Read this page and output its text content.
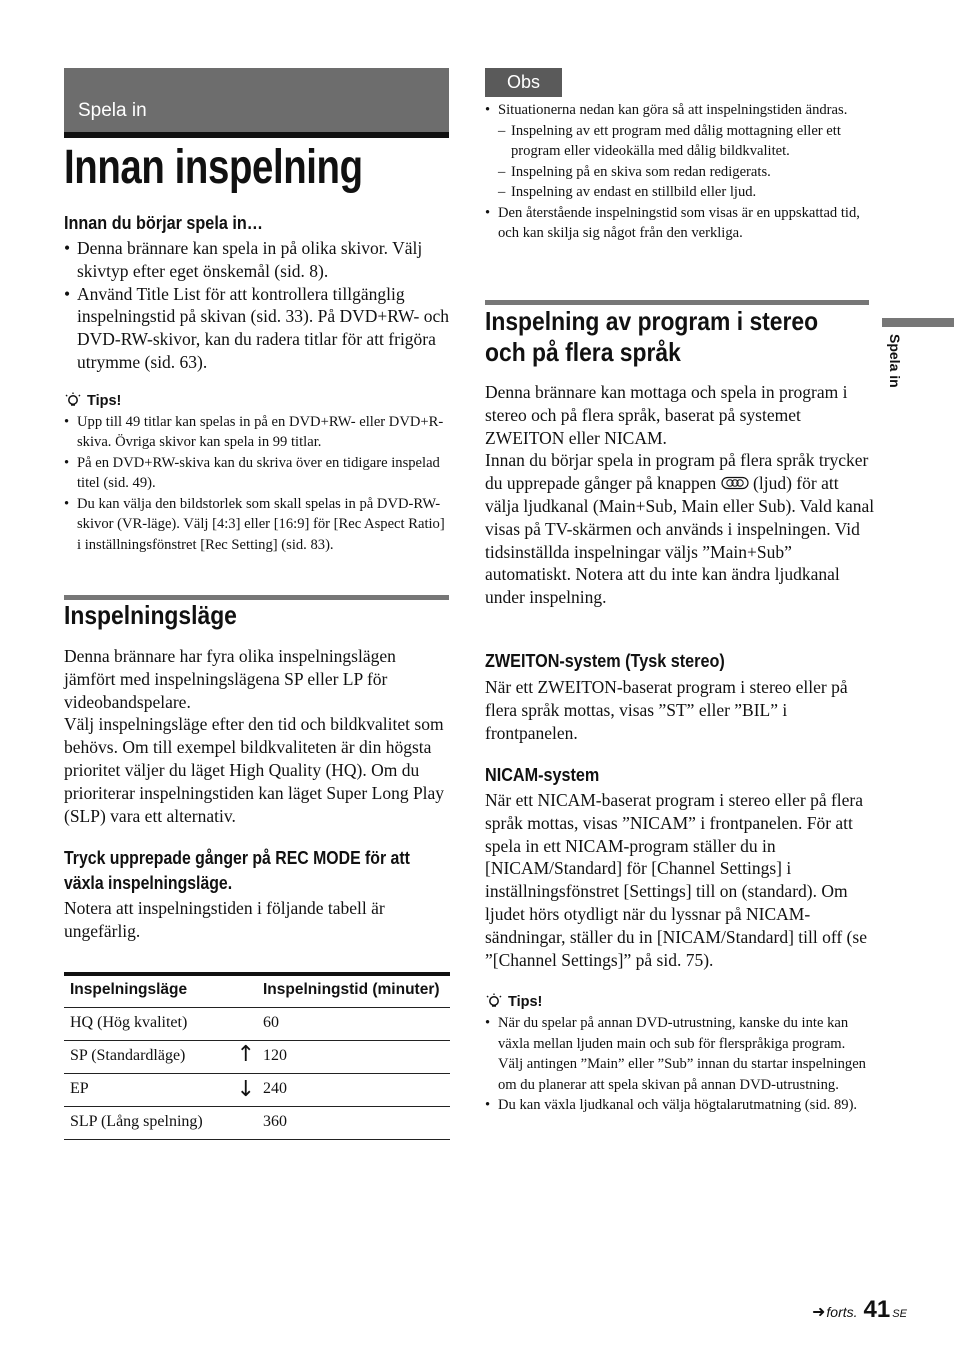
Spela in
Innan inspelning
Innan du börjar spela in…
• Denna brännare kan spela in på olika skivor. Välj skivtyp efter eget önskemål (sid. 8).
• Använd Title List för att kontrollera tillgänglig inspelningstid på skivan (sid. 33). På DVD+RW- och DVD-RW-skivor, kan du radera titlar för att frigöra utrymme (sid. 63).
Tips!
• Upp till 49 titlar kan spelas in på en DVD+RW- eller DVD+R-skiva. Övriga skivor kan spela in 99 titlar.
• På en DVD+RW-skiva kan du skriva över en tidigare inspelad titel (sid. 49).
• Du kan välja den bildstorlek som skall spelas in på DVD-RW-skivor (VR-läge). Välj [4:3] eller [16:9] för [Rec Aspect Ratio] i inställningsfönstret [Rec Setting] (sid. 83).
Inspelningsläge
Denna brännare har fyra olika inspelningslägen jämfört med inspelningslägena SP eller LP för videobandspelare.
Välj inspelningsläge efter den tid och bildkvalitet som behövs. Om till exempel bildkvaliteten är din högsta prioritet väljer du läget High Quality (HQ). Om du prioriterar inspelningstiden kan läget Super Long Play (SLP) vara ett alternativ.
Tryck upprepade gånger på REC MODE för att växla inspelningsläge.
Notera att inspelningstiden i följande tabell är ungefärlig.
Inspelningsläge	Inspelningstid (minuter)
HQ (Hög kvalitet)	60
SP (Standardläge) ↑	120
EP ↓	240
SLP (Lång spelning)	360
Obs
• Situationerna nedan kan göra så att inspelningstiden ändras.
– Inspelning av ett program med dålig mottagning eller ett program eller videokälla med dålig bildkvalitet.
– Inspelning på en skiva som redan redigerats.
– Inspelning av endast en stillbild eller ljud.
• Den återstående inspelningstid som visas är en uppskattad tid, och kan skilja sig något från den verkliga.
Inspelning av program i stereo och på flera språk
Denna brännare kan mottaga och spela in program i stereo och på flera språk, baserat på systemet ZWEITON eller NICAM.
Innan du börjar spela in program på flera språk trycker du upprepade gånger på knappen (ljud) för att välja ljudkanal (Main+Sub, Main eller Sub). Vald kanal visas på TV-skärmen och används i inspelningen. Vid tidsinställda inspelningar väljs ”Main+Sub” automatiskt. Notera att du inte kan ändra ljudkanal under inspelning.
ZWEITON-system (Tysk stereo)
När ett ZWEITON-baserat program i stereo eller på flera språk mottas, visas ”ST” eller ”BIL” i frontpanelen.
NICAM-system
När ett NICAM-baserat program i stereo eller på flera språk mottas, visas ”NICAM” i frontpanelen. För att spela in ett NICAM-program ställer du in [NICAM/Standard] för [Channel Settings] i inställningsfönstret [Settings] till on (standard). Om ljudet hörs otydligt när du lyssnar på NICAM-sändningar, ställer du in [NICAM/Standard] till off (se ”[Channel Settings]” på sid. 75).
Tips!
• När du spelar på annan DVD-utrustning, kanske du inte kan växla mellan ljuden main och sub för flerspråkiga program. Välj antingen ”Main” eller ”Sub” innan du startar inspelningen om du planerar att spela skivan på annan DVD-utrustning.
• Du kan växla ljudkanal och välja högtalarutmatning (sid. 89).
Spela in
➜ forts. 41 SE
